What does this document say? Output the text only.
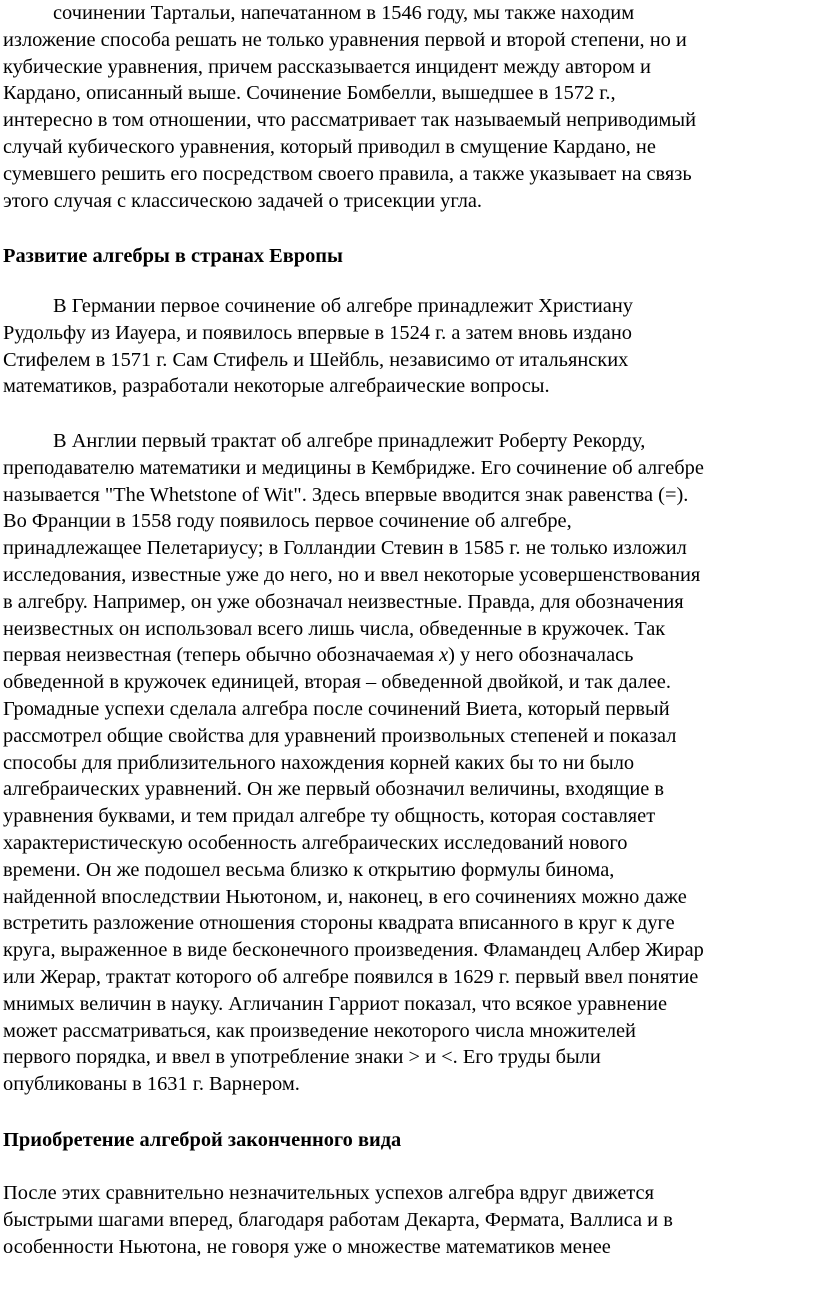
сочинении Тартальи, напечатанном в 1546 году, мы также находим
изложение способа решать не только уравнения первой и второй степени, но и
кубические уравнения, причем рассказывается инцидент между автором и
Кардано, описанный выше. Сочинение Бомбелли, вышедшее в 1572 г.,
интересно в том отношении, что рассматривает так называемый неприводимый
случай кубического уравнения, который приводил в смущение Кардано, не
сумевшего решить его посредством своего правила, а также указывает на связь
этого случая с классическою задачей о трисекции угла.
Развитие алгебры в странах Европы
В Германии первое сочинение об алгебре принадлежит Христиану
Рудольфу из Иауера, и появилось впервые в 1524 г. а затем вновь издано
Стифелем в 1571 г. Сам Стифель и Шейбль, независимо от итальянских
математиков, разработали некоторые алгебраические вопросы.
В Англии первый трактат об алгебре принадлежит Роберту Рекорду,
преподавателю математики и медицины в Кембридже. Его сочинение об алгебре
называется "The Whetstone of Wit". Здесь впервые вводится знак равенства (=).
Во Франции в 1558 году появилось первое сочинение об алгебре,
принадлежащее Пелетариусу; в Голландии Стевин в 1585 г. не только изложил
исследования, известные уже до него, но и ввел некоторые усовершенствования
в алгебру. Например, он уже обозначал неизвестные. Правда, для обозначения
неизвестных он использовал всего лишь числа, обведенные в кружочек. Так
первая неизвестная (теперь обычно обозначаемая x) у него обозначалась
обведенной в кружочек единицей, вторая – обведенной двойкой, и так далее.
Громадные успехи сделала алгебра после сочинений Виета, который первый
рассмотрел общие свойства для уравнений произвольных степеней и показал
способы для приблизительного нахождения корней каких бы то ни было
алгебраических уравнений. Он же первый обозначил величины, входящие в
уравнения буквами, и тем придал алгебре ту общность, которая составляет
характеристическую особенность алгебраических исследований нового
времени. Он же подошел весьма близко к открытию формулы бинома,
найденной впоследствии Ньютоном, и, наконец, в его сочинениях можно даже
встретить разложение отношения стороны квадрата вписанного в круг к дуге
круга, выраженное в виде бесконечного произведения. Фламандец Албер Жирар
или Жерар, трактат которого об алгебре появился в 1629 г. первый ввел понятие
мнимых величин в науку. Агличанин Гарриот показал, что всякое уравнение
может рассматриваться, как произведение некоторого числа множителей
первого порядка, и ввел в употребление знаки > и <. Его труды были
опубликованы в 1631 г. Варнером.
Приобретение алгеброй законченного вида
После этих сравнительно незначительных успехов алгебра вдруг движется
быстрыми шагами вперед, благодаря работам Декарта, Фермата, Валлиса и в
особенности Ньютона, не говоря уже о множестве математиков менее
